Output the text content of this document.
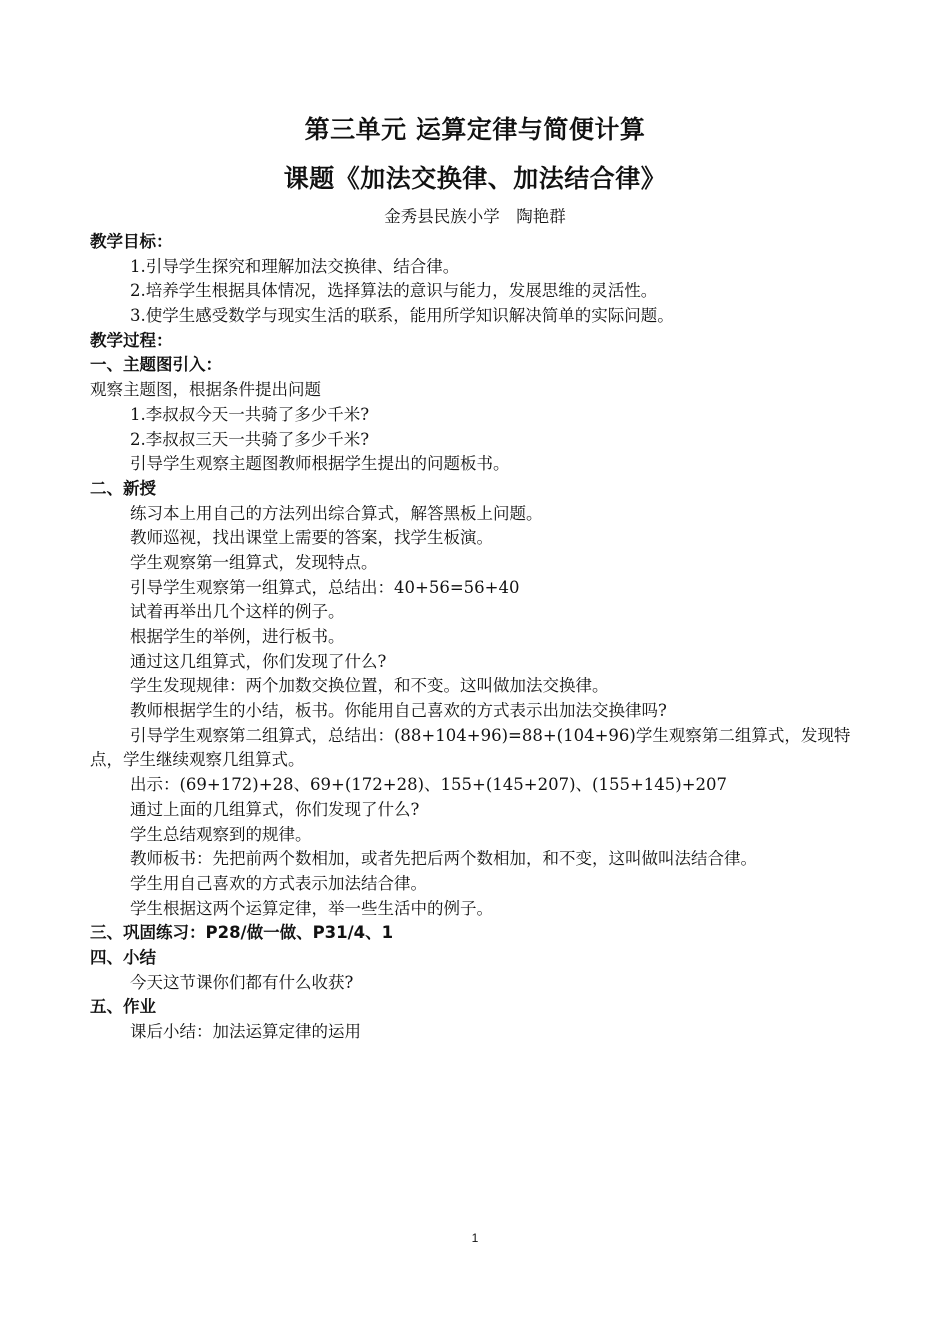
第三单元 运算定律与简便计算
课题《加法交换律、加法结合律》
金秀县民族小学　陶艳群
教学目标：
1.引导学生探究和理解加法交换律、结合律。
2.培养学生根据具体情况，选择算法的意识与能力，发展思维的灵活性。
3.使学生感受数学与现实生活的联系，能用所学知识解决简单的实际问题。
教学过程：
一、主题图引入：
观察主题图，根据条件提出问题
1.李叔叔今天一共骑了多少千米?
2.李叔叔三天一共骑了多少千米?
引导学生观察主题图教师根据学生提出的问题板书。
二、新授
练习本上用自己的方法列出综合算式，解答黑板上问题。
教师巡视，找出课堂上需要的答案，找学生板演。
学生观察第一组算式，发现特点。
引导学生观察第一组算式，总结出：40+56=56+40
试着再举出几个这样的例子。
根据学生的举例，进行板书。
通过这几组算式，你们发现了什么?
学生发现规律：两个加数交换位置，和不变。这叫做加法交换律。
教师根据学生的小结，板书。你能用自己喜欢的方式表示出加法交换律吗?
引导学生观察第二组算式，总结出：(88+104+96)=88+(104+96)学生观察第二组算式，发现特点，学生继续观察几组算式。
出示：(69+172)+28、69+(172+28)、155+(145+207)、(155+145)+207
通过上面的几组算式，你们发现了什么?
学生总结观察到的规律。
教师板书：先把前两个数相加，或者先把后两个数相加，和不变，这叫做叫法结合律。
学生用自己喜欢的方式表示加法结合律。
学生根据这两个运算定律，举一些生活中的例子。
三、巩固练习：P28/做一做、P31/4、1
四、小结
今天这节课你们都有什么收获?
五、作业
课后小结：加法运算定律的运用
1
